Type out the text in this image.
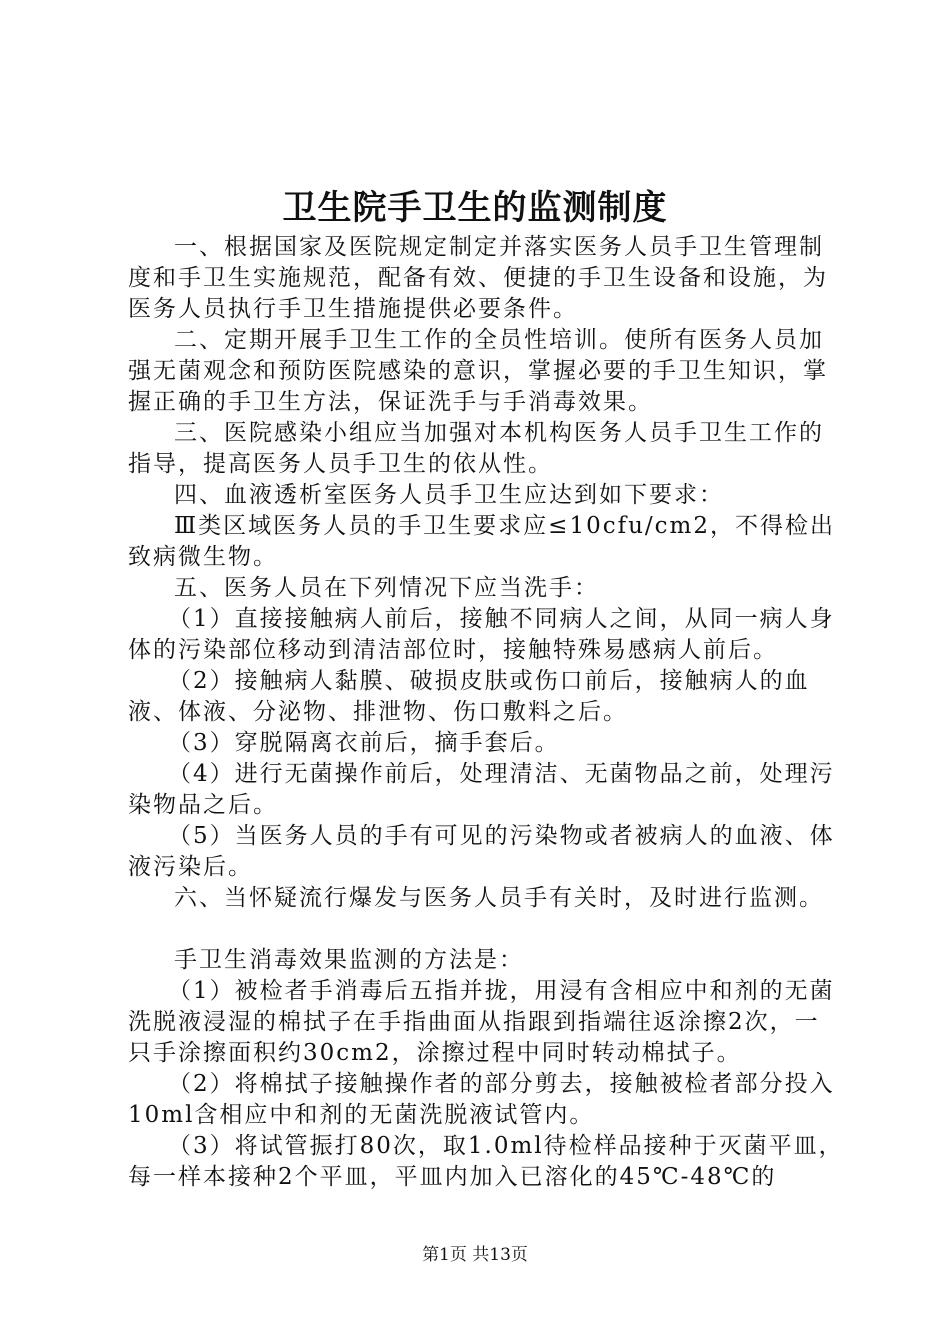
卫生院手卫生的监测制度

一、根据国家及医院规定制定并落实医务人员手卫生管理制度和手卫生实施规范，配备有效、便捷的手卫生设备和设施，为医务人员执行手卫生措施提供必要条件。

二、定期开展手卫生工作的全员性培训。使所有医务人员加强无菌观念和预防医院感染的意识，掌握必要的手卫生知识，掌握正确的手卫生方法，保证洗手与手消毒效果。

三、医院感染小组应当加强对本机构医务人员手卫生工作的指导，提高医务人员手卫生的依从性。

四、血液透析室医务人员手卫生应达到如下要求：

Ⅲ类区域医务人员的手卫生要求应≤10cfu/cm2，不得检出致病微生物。

五、医务人员在下列情况下应当洗手：

（1）直接接触病人前后，接触不同病人之间，从同一病人身体的污染部位移动到清洁部位时，接触特殊易感病人前后。

（2）接触病人黏膜、破损皮肤或伤口前后，接触病人的血液、体液、分泌物、排泄物、伤口敷料之后。

（3）穿脱隔离衣前后，摘手套后。

（4）进行无菌操作前后，处理清洁、无菌物品之前，处理污染物品之后。

（5）当医务人员的手有可见的污染物或者被病人的血液、体液污染后。

六、当怀疑流行爆发与医务人员手有关时，及时进行监测。

手卫生消毒效果监测的方法是：

（1）被检者手消毒后五指并拢，用浸有含相应中和剂的无菌洗脱液浸湿的棉拭子在手指曲面从指跟到指端往返涂擦2次，一只手涂擦面积约30cm2，涂擦过程中同时转动棉拭子。

（2）将棉拭子接触操作者的部分剪去，接触被检者部分投入10ml含相应中和剂的无菌洗脱液试管内。

（3）将试管振打80次，取1.0ml待检样品接种于灭菌平皿，每一样本接种2个平皿，平皿内加入已溶化的45℃-48℃的

第1页 共13页
